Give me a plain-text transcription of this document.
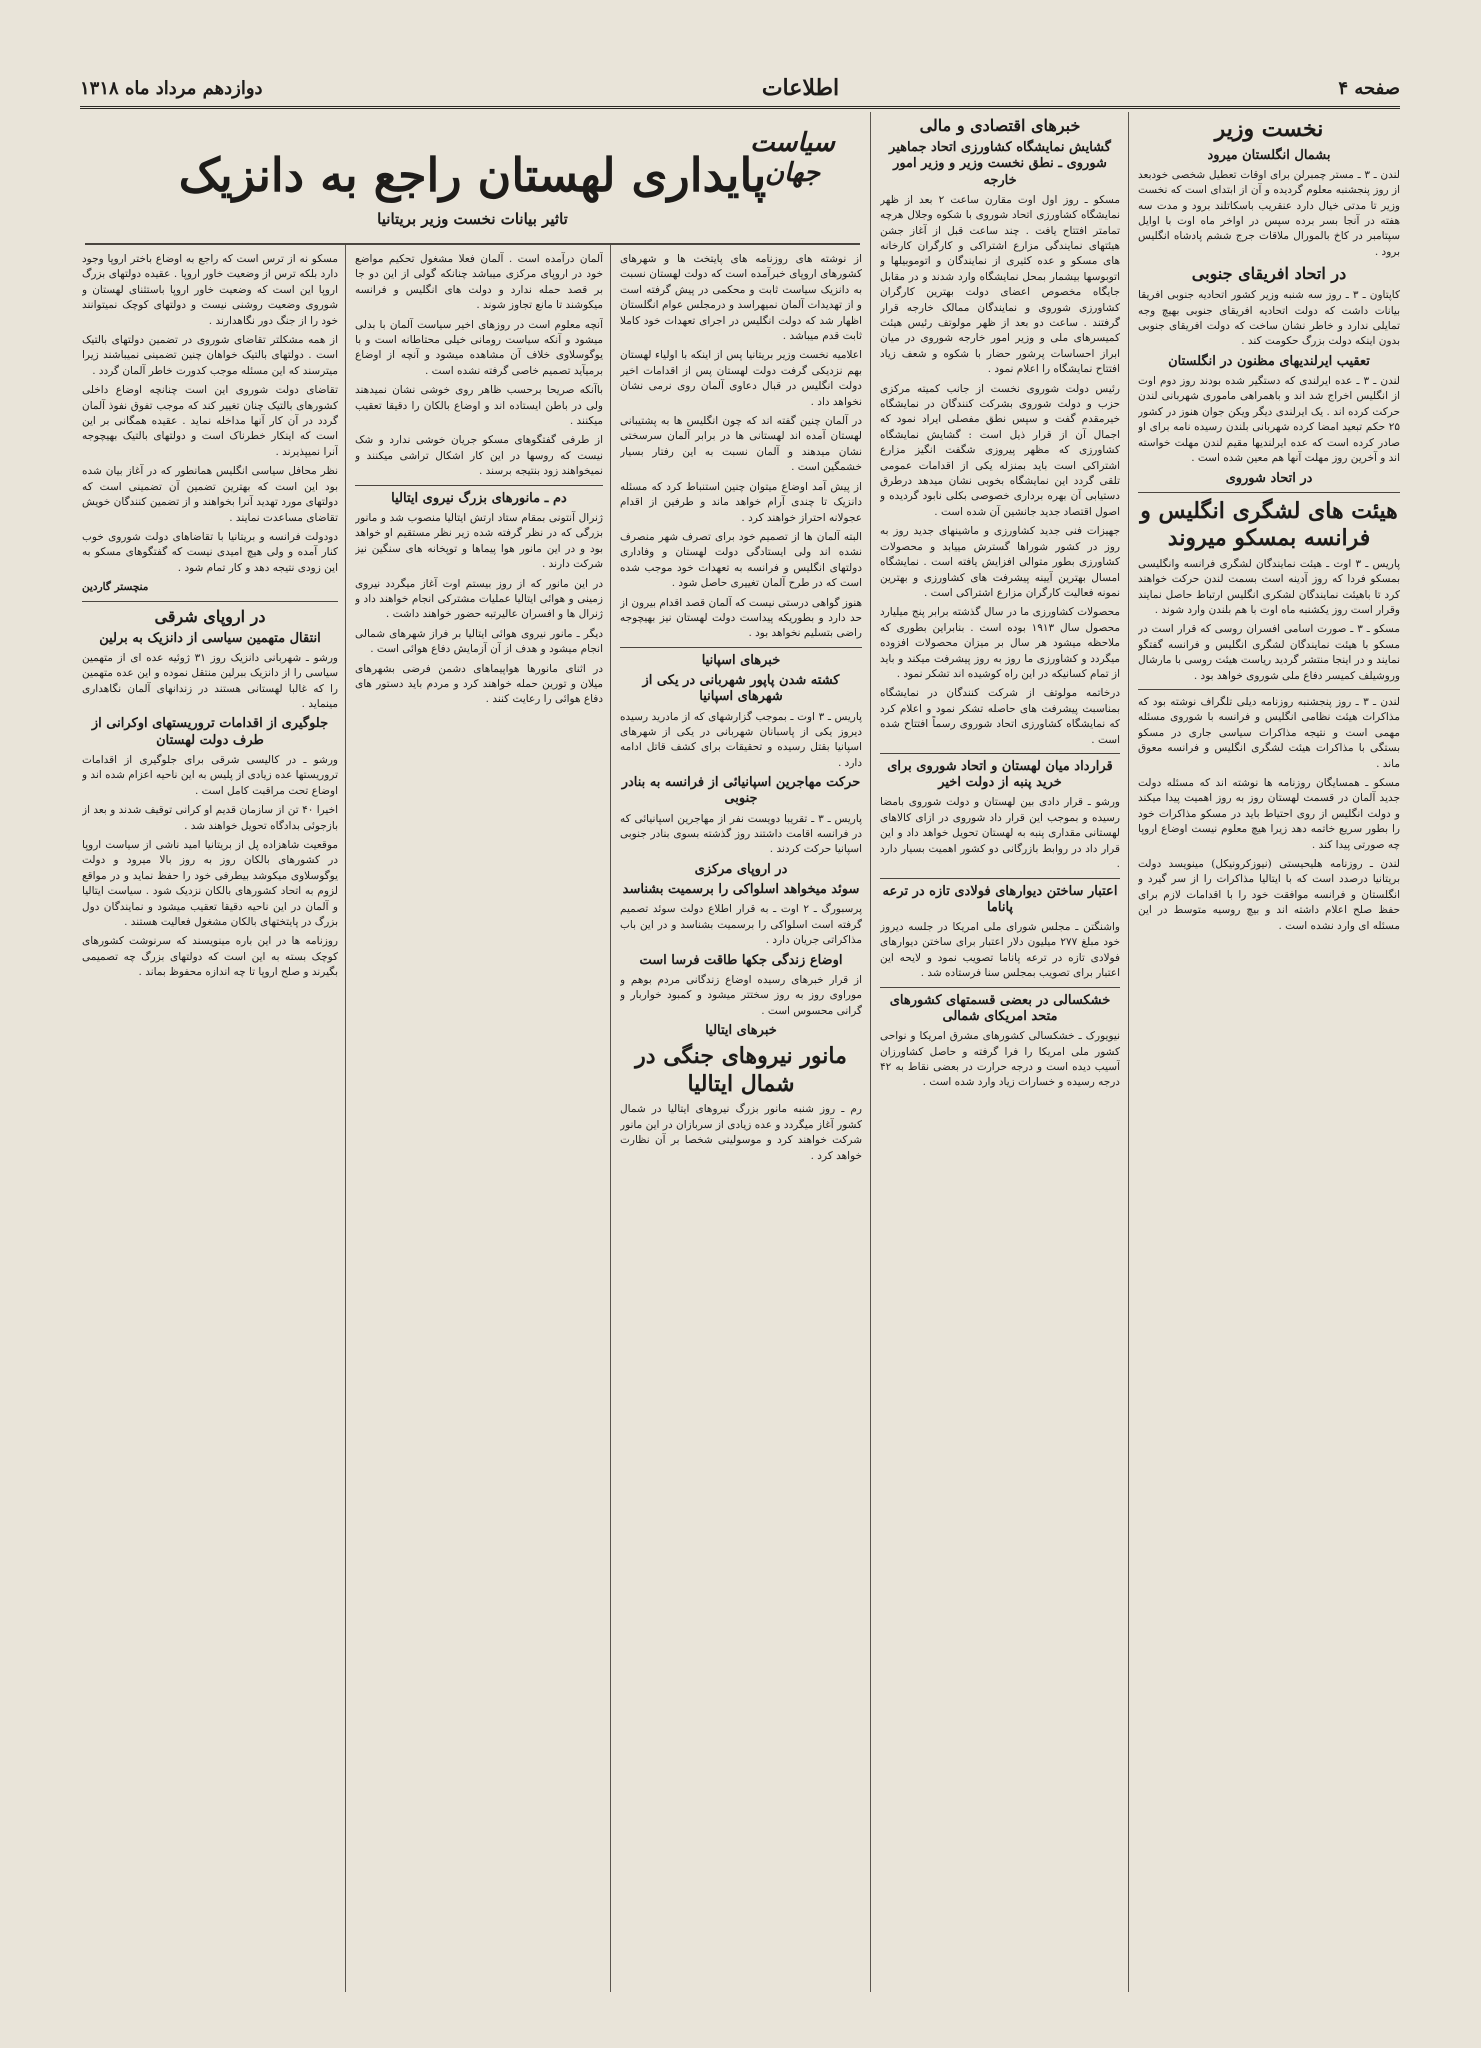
صفحه ۴
اطلاعات
دوازدهم مرداد ماه ۱۳۱۸
نخست وزیر
بشمال انگلستان میرود

لندن ـ ۳ ـ مستر چمبرلن برای اوقات تعطیل شخصی خودبعد از روز پنجشنبه معلوم گردیده و آن از ابتدای است که نخست وزیر تا مدتی خیال دارد عنقریب باسکاتلند برود و مدت سه هفته در آنجا بسر برده سپس در اواخر ماه اوت با اوایل سپتامبر در کاخ بالمورال ملاقات جرج ششم پادشاه انگلیس برود .

در اتحاد افریقای جنوبی

کاپتاون ـ ۳ ـ روز سه شنبه وزیر کشور اتحادیه جنوبی افریقا بیانات داشت که دولت اتحادیه افریقای جنوبی بهیچ وجه تمایلی ندارد و خاطر نشان ساخت که دولت افریقای جنوبی بدون اینکه دولت بزرگ حکومت کند .

تعقیب ایرلندیهای مظنون در انگلستان

لندن ـ ۳ ـ عده ایرلندی که دستگیر شده بودند روز دوم اوت از انگلیس اخراج شد اند و باهمراهی ماموری شهربانی لندن حرکت کرده اند . یک ایرلندی دیگر ویکن جوان هنوز در کشور ۲۵ حکم تبعید امضا کرده شهربانی بلندن رسیده نامه برای او صادر کرده است که عده ایرلندیها مقیم لندن مهلت خواسته اند و آخرین روز مهلت آنها هم معین شده است .

در اتحاد شوروی
هیئت های لشگری انگلیس و فرانسه بمسکو میروند

پاریس ـ ۳ اوت ـ هیئت نمایندگان لشگری فرانسه وانگلیسی بمسکو فردا که روز آدینه است بسمت لندن حرکت خواهند کرد تا باهیئت نمایندگان لشکری انگلیس ارتباط حاصل نمایند وقرار است روز یکشنبه ماه اوت با هم بلندن وارد شوند .

مسکو ـ ۳ ـ صورت اسامی افسران روسی که قرار است در مسکو با هیئت نمایندگان لشگری انگلیس و فرانسه گفتگو نمایند و در اینجا منتشر گردید ریاست هیئت روسی با مارشال وروشیلف کمیسر دفاع ملی شوروی خواهد بود .

لندن ـ ۳ ـ روز پنجشنبه روزنامه دیلی تلگراف نوشته بود که مذاکرات هیئت نظامی انگلیس و فرانسه با شوروی مسئله مهمی است و نتیجه مذاکرات سیاسی جاری در مسکو بستگی با مذاکرات هیئت لشگری انگلیس و فرانسه معوق ماند .

مسکو ـ همسایگان روزنامه ها نوشته اند که مسئله دولت جدید آلمان در قسمت لهستان روز به روز اهمیت پیدا میکند و دولت انگلیس از روی احتیاط باید در مسکو مذاکرات خود را بطور سریع خاتمه دهد زیرا هیچ معلوم نیست اوضاع اروپا چه صورتی پیدا کند .

لندن ـ روزنامه هلیحیستی (نیوزکرونیکل) مینویسد دولت بریتانیا درصدد است که با ایتالیا مذاکرات را از سر گیرد و انگلستان و فرانسه موافقت خود را با اقدامات لازم برای حفظ صلح اعلام داشته اند و بیچ روسیه متوسط در این مسئله ای وارد نشده است .

خبرهای اقتصادی و مالی
گشایش نمایشگاه کشاورزی اتحاد جماهیر شوروی ـ نطق نخست وزیر و وزیر امور خارجه

مسکو ـ روز اول اوت مقارن ساعت ۲ بعد از ظهر نمایشگاه کشاورزی اتحاد شوروی با شکوه وجلال هرچه تمامتر افتتاح یافت . چند ساعت قبل از آغاز جشن هیئتهای نمایندگی مزارع اشتراکی و کارگران کارخانه های مسکو و عده کثیری از نمایندگان و اتوموبیلها و اتوبوسها بیشمار بمحل نمایشگاه وارد شدند و در مقابل جایگاه مخصوص اعضای دولت بهترین کارگران کشاورزی شوروی و نمایندگان ممالک خارجه قرار گرفتند . ساعت دو بعد از ظهر مولوتف رئیس هیئت کمیسرهای ملی و وزیر امور خارجه شوروی در میان ابراز احساسات پرشور حضار با شکوه و شعف زیاد افتتاح نمایشگاه را اعلام نمود .

رئیس دولت شوروی نخست از جانب کمیته مرکزی حزب و دولت شوروی بشرکت کنندگان در نمایشگاه خیرمقدم گفت و سپس نطق مفصلی ایراد نمود که اجمال آن از قرار ذیل است : گشایش نمایشگاه کشاورزی که مظهر پیروزی شگفت انگیز مزارع اشتراکی است باید بمنزله یکی از اقدامات عمومی تلقی گردد این نمایشگاه بخوبی نشان میدهد درطرق دستیابی آن بهره برداری خصوصی بکلی نابود گردیده و اصول اقتصاد جدید جانشین آن شده است .

جهیزات فنی جدید کشاورزی و ماشینهای جدید روز به روز در کشور شوراها گسترش مییابد و محصولات کشاورزی بطور متوالی افزایش یافته است . نمایشگاه امسال بهترین آیینه پیشرفت های کشاورزی و بهترین نمونه فعالیت کارگران مزارع اشتراکی است .

محصولات کشاورزی ما در سال گذشته برابر پنج میلیارد محصول سال ۱۹۱۳ بوده است . بنابراین بطوری که ملاحظه میشود هر سال بر میزان محصولات افزوده میگردد و کشاورزی ما روز به روز پیشرفت میکند و باید از تمام کسانیکه در این راه کوشیده اند تشکر نمود .

درخاتمه مولوتف از شرکت کنندگان در نمایشگاه بمناسبت پیشرفت های حاصله تشکر نمود و اعلام کرد که نمایشگاه کشاورزی اتحاد شوروی رسماً افتتاح شده است .

قرارداد میان لهستان و اتحاد شوروی برای خرید پنبه از دولت اخیر

ورشو ـ قرار دادی بین لهستان و دولت شوروی بامضا رسیده و بموجب این قرار داد شوروی در ازای کالاهای لهستانی مقداری پنبه به لهستان تحویل خواهد داد و این قرار داد در روابط بازرگانی دو کشور اهمیت بسیار دارد .

اعتبار ساختن دیوارهای فولادی تازه در ترعه پاناما

واشنگتن ـ مجلس شورای ملی امریکا در جلسه دیروز خود مبلغ ۲۷۷ میلیون دلار اعتبار برای ساختن دیوارهای فولادی تازه در ترعه پاناما تصویب نمود و لایحه این اعتبار برای تصویب بمجلس سنا فرستاده شد .

خشکسالی در بعضی قسمتهای کشورهای متحد امریکای شمالی

نیویورک ـ خشکسالی کشورهای مشرق امریکا و نواحی کشور ملی امریکا را فرا گرفته و حاصل کشاورزان آسیب دیده است و درجه حرارت در بعضی نقاط به ۴۲ درجه رسیده و خسارات زیاد وارد شده است .

سیاست جهان
پایداری لهستان راجع به دانزیک
تاثیر بیانات نخست وزیر بریتانیا

از نوشته های روزنامه های پایتخت ها و شهرهای کشورهای اروپای خبرآمده است که دولت لهستان نسبت به دانزیک سیاست ثابت و محکمی در پیش گرفته است و از تهدیدات آلمان نمیهراسد و درمجلس عوام انگلستان اظهار شد که دولت انگلیس در اجرای تعهدات خود کاملا ثابت قدم میباشد .

اعلامیه نخست وزیر بریتانیا پس از اینکه با اولیاء لهستان بهم نزدیکی گرفت دولت لهستان پس از اقدامات اخیر دولت انگلیس در قبال دعاوی آلمان روی نرمی نشان نخواهد داد .

در آلمان چنین گفته اند که چون انگلیس ها به پشتیبانی لهستان آمده اند لهستانی ها در برابر آلمان سرسختی نشان میدهند و آلمان نسبت به این رفتار بسیار خشمگین است .

از پیش آمد اوضاع میتوان چنین استنباط کرد که مسئله دانزیک تا چندی آرام خواهد ماند و طرفین از اقدام عجولانه احتراز خواهند کرد .

البته آلمان ها از تصمیم خود برای تصرف شهر منصرف نشده اند ولی ایستادگی دولت لهستان و وفاداری دولتهای انگلیس و فرانسه به تعهدات خود موجب شده است که در طرح آلمان تغییری حاصل شود .

هنوز گواهی درستی نیست که آلمان قصد اقدام بیرون از حد دارد و بطوریکه پیداست دولت لهستان نیز بهیچوجه راضی بتسلیم نخواهد بود .

خبرهای اسپانیا
کشته شدن پاپور شهربانی در یکی از شهرهای اسپانیا

پاریس ـ ۳ اوت ـ بموجب گزارشهای که از مادرید رسیده دیروز یکی از پاسبانان شهربانی در یکی از شهرهای اسپانیا بقتل رسیده و تحقیقات برای کشف قاتل ادامه دارد .

حرکت مهاجرین اسپانیائی از فرانسه به بنادر جنوبی

پاریس ـ ۳ ـ تقریبا دویست نفر از مهاجرین اسپانیائی که در فرانسه اقامت داشتند روز گذشته بسوی بنادر جنوبی اسپانیا حرکت کردند .

در اروپای مرکزی
سوئد میخواهد اسلواکی را برسمیت بشناسد

پرسبورگ ـ ۲ اوت ـ به قرار اطلاع دولت سوئد تصمیم گرفته است اسلواکی را برسمیت بشناسد و در این باب مذاکراتی جریان دارد .

اوضاع زندگی جکها طاقت فرسا است

از قرار خبرهای رسیده اوضاع زندگانی مردم بوهم و موراوی روز به روز سختتر میشود و کمبود خواربار و گرانی محسوس است .

خبرهای ایتالیا
مانور نیروهای جنگی در شمال ایتالیا

رم ـ روز شنبه مانور بزرگ نیروهای ایتالیا در شمال کشور آغاز میگردد و عده زیادی از سربازان در این مانور شرکت خواهند کرد و موسولینی شخصا بر آن نظارت خواهد کرد .

آلمان درآمده است . آلمان فعلا مشغول تحکیم مواضع خود در اروپای مرکزی میباشد چنانکه گولی از این دو جا بر قصد حمله ندارد و دولت های انگلیس و فرانسه میکوشند تا مانع تجاوز شوند .

آنچه معلوم است در روزهای اخیر سیاست آلمان با بدلی میشود و آنکه سیاست رومانی خیلی محتاطانه است و با یوگوسلاوی خلاف آن مشاهده میشود و آنچه از اوضاع برمیآید تصمیم خاصی گرفته نشده است .

باآنکه صریحا برحسب ظاهر روی خوشی نشان نمیدهند ولی در باطن ایستاده اند و اوضاع بالکان را دقیقا تعقیب میکنند .

از طرفی گفتگوهای مسکو جریان خوشی ندارد و شک نیست که روسها در این کار اشکال تراشی میکنند و نمیخواهند زود بنتیجه برسند .

دم ـ مانورهای بزرگ نیروی ایتالیا

ژنرال آنتونی بمقام ستاد ارتش ایتالیا منصوب شد و مانور بزرگی که در نظر گرفته شده زیر نظر مستقیم او خواهد بود و در این مانور هوا پیماها و توپخانه های سنگین نیز شرکت دارند .

در این مانور که از روز بیستم اوت آغاز میگردد نیروی زمینی و هوائی ایتالیا عملیات مشترکی انجام خواهند داد و ژنرال ها و افسران عالیرتبه حضور خواهند داشت .

دیگر ـ مانور نیروی هوائی ایتالیا بر فراز شهرهای شمالی انجام میشود و هدف از آن آزمایش دفاع هوائی است .

در اثنای مانورها هواپیماهای دشمن فرضی بشهرهای میلان و تورین حمله خواهند کرد و مردم باید دستور های دفاع هوائی را رعایت کنند .

مسکو نه از ترس است که راجع به اوضاع باختر اروپا وجود دارد بلکه ترس از وضعیت خاور اروپا . عقیده دولتهای بزرگ اروپا این است که وضعیت خاور اروپا باستثنای لهستان و شوروی وضعیت روشنی نیست و دولتهای کوچک نمیتوانند خود را از جنگ دور نگاهدارند .

از همه مشکلتر تقاضای شوروی در تضمین دولتهای بالتیک است . دولتهای بالتیک خواهان چنین تضمینی نمیباشند زیرا میترسند که این مسئله موجب کدورت خاطر آلمان گردد .

تقاضای دولت شوروی این است چنانچه اوضاع داخلی کشورهای بالتیک چنان تغییر کند که موجب تفوق نفوذ آلمان گردد در آن کار آنها مداخله نماید . عقیده همگانی بر این است که اینکار خطرناک است و دولتهای بالتیک بهیچوجه آنرا نمیپذیرند .

نظر محافل سیاسی انگلیس همانطور که در آغاز بیان شده بود این است که بهترین تضمین آن تضمینی است که دولتهای مورد تهدید آنرا بخواهند و از تضمین کنندگان خویش تقاضای مساعدت نمایند .

دودولت فرانسه و بریتانیا با تقاضاهای دولت شوروی خوب کنار آمده و ولی هیچ امیدی نیست که گفتگوهای مسکو به این زودی نتیجه دهد و کار تمام شود .

منچستر گاردین
در اروپای شرقی
انتقال متهمین سیاسی از دانزیک به برلین

ورشو ـ شهربانی دانزیک روز ۳۱ ژوئیه عده ای از متهمین سیاسی را از دانزیک ببرلین منتقل نموده و این عده متهمین را که غالبا لهستانی هستند در زندانهای آلمان نگاهداری مینماید .

جلوگیری از اقدامات تروریستهای اوکرانی از طرف دولت لهستان

ورشو ـ در کالیسی شرقی برای جلوگیری از اقدامات تروریستها عده زیادی از پلیس به این ناحیه اعزام شده اند و اوضاع تحت مراقبت کامل است .

اخیرا ۴۰ تن از سازمان قدیم او کرانی توقیف شدند و بعد از بازجوئی بدادگاه تحویل خواهند شد .

موقعیت شاهزاده پل از بریتانیا امید ناشی از سیاست اروپا در کشورهای بالکان روز به روز بالا میرود و دولت یوگوسلاوی میکوشد بیطرفی خود را حفظ نماید و در مواقع لزوم به اتحاد کشورهای بالکان نزدیک شود . سیاست ایتالیا و آلمان در این ناحیه دقیقا تعقیب میشود و نمایندگان دول بزرگ در پایتختهای بالکان مشغول فعالیت هستند .

روزنامه ها در این باره مینویسند که سرنوشت کشورهای کوچک بسته به این است که دولتهای بزرگ چه تصمیمی بگیرند و صلح اروپا تا چه اندازه محفوظ بماند .
